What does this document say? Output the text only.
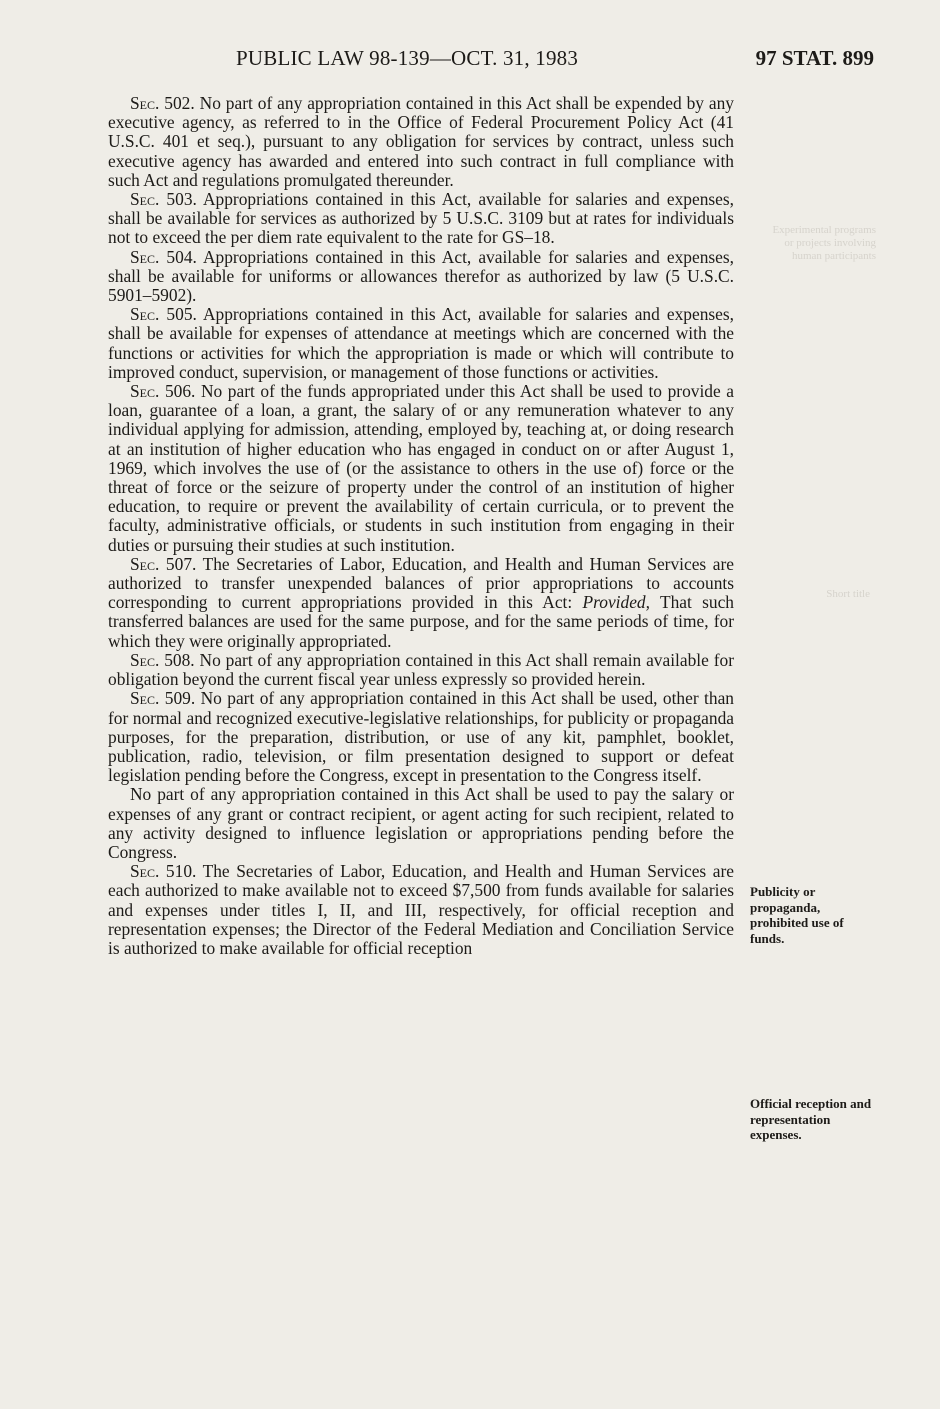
PUBLIC LAW 98-139—OCT. 31, 1983	97 STAT. 899

Sec. 502. No part of any appropriation contained in this Act shall be expended by any executive agency, as referred to in the Office of Federal Procurement Policy Act (41 U.S.C. 401 et seq.), pursuant to any obligation for services by contract, unless such executive agency has awarded and entered into such contract in full compliance with such Act and regulations promulgated thereunder.

Sec. 503. Appropriations contained in this Act, available for salaries and expenses, shall be available for services as authorized by 5 U.S.C. 3109 but at rates for individuals not to exceed the per diem rate equivalent to the rate for GS–18.

Sec. 504. Appropriations contained in this Act, available for salaries and expenses, shall be available for uniforms or allowances therefor as authorized by law (5 U.S.C. 5901–5902).

Sec. 505. Appropriations contained in this Act, available for salaries and expenses, shall be available for expenses of attendance at meetings which are concerned with the functions or activities for which the appropriation is made or which will contribute to improved conduct, supervision, or management of those functions or activities.

Sec. 506. No part of the funds appropriated under this Act shall be used to provide a loan, guarantee of a loan, a grant, the salary of or any remuneration whatever to any individual applying for admission, attending, employed by, teaching at, or doing research at an institution of higher education who has engaged in conduct on or after August 1, 1969, which involves the use of (or the assistance to others in the use of) force or the threat of force or the seizure of property under the control of an institution of higher education, to require or prevent the availability of certain curricula, or to prevent the faculty, administrative officials, or students in such institution from engaging in their duties or pursuing their studies at such institution.

Sec. 507. The Secretaries of Labor, Education, and Health and Human Services are authorized to transfer unexpended balances of prior appropriations to accounts corresponding to current appropriations provided in this Act: Provided, That such transferred balances are used for the same purpose, and for the same periods of time, for which they were originally appropriated.

Sec. 508. No part of any appropriation contained in this Act shall remain available for obligation beyond the current fiscal year unless expressly so provided herein.

Sec. 509. No part of any appropriation contained in this Act shall be used, other than for normal and recognized executive-legislative relationships, for publicity or propaganda purposes, for the preparation, distribution, or use of any kit, pamphlet, booklet, publication, radio, television, or film presentation designed to support or defeat legislation pending before the Congress, except in presentation to the Congress itself.

No part of any appropriation contained in this Act shall be used to pay the salary or expenses of any grant or contract recipient, or agent acting for such recipient, related to any activity designed to influence legislation or appropriations pending before the Congress.

Sec. 510. The Secretaries of Labor, Education, and Health and Human Services are each authorized to make available not to exceed $7,500 from funds available for salaries and expenses under titles I, II, and III, respectively, for official reception and representation expenses; the Director of the Federal Mediation and Conciliation Service is authorized to make available for official reception

Publicity or propaganda, prohibited use of funds.
Official reception and representation expenses.
Experimental programs or projects involving human participants
Short title
